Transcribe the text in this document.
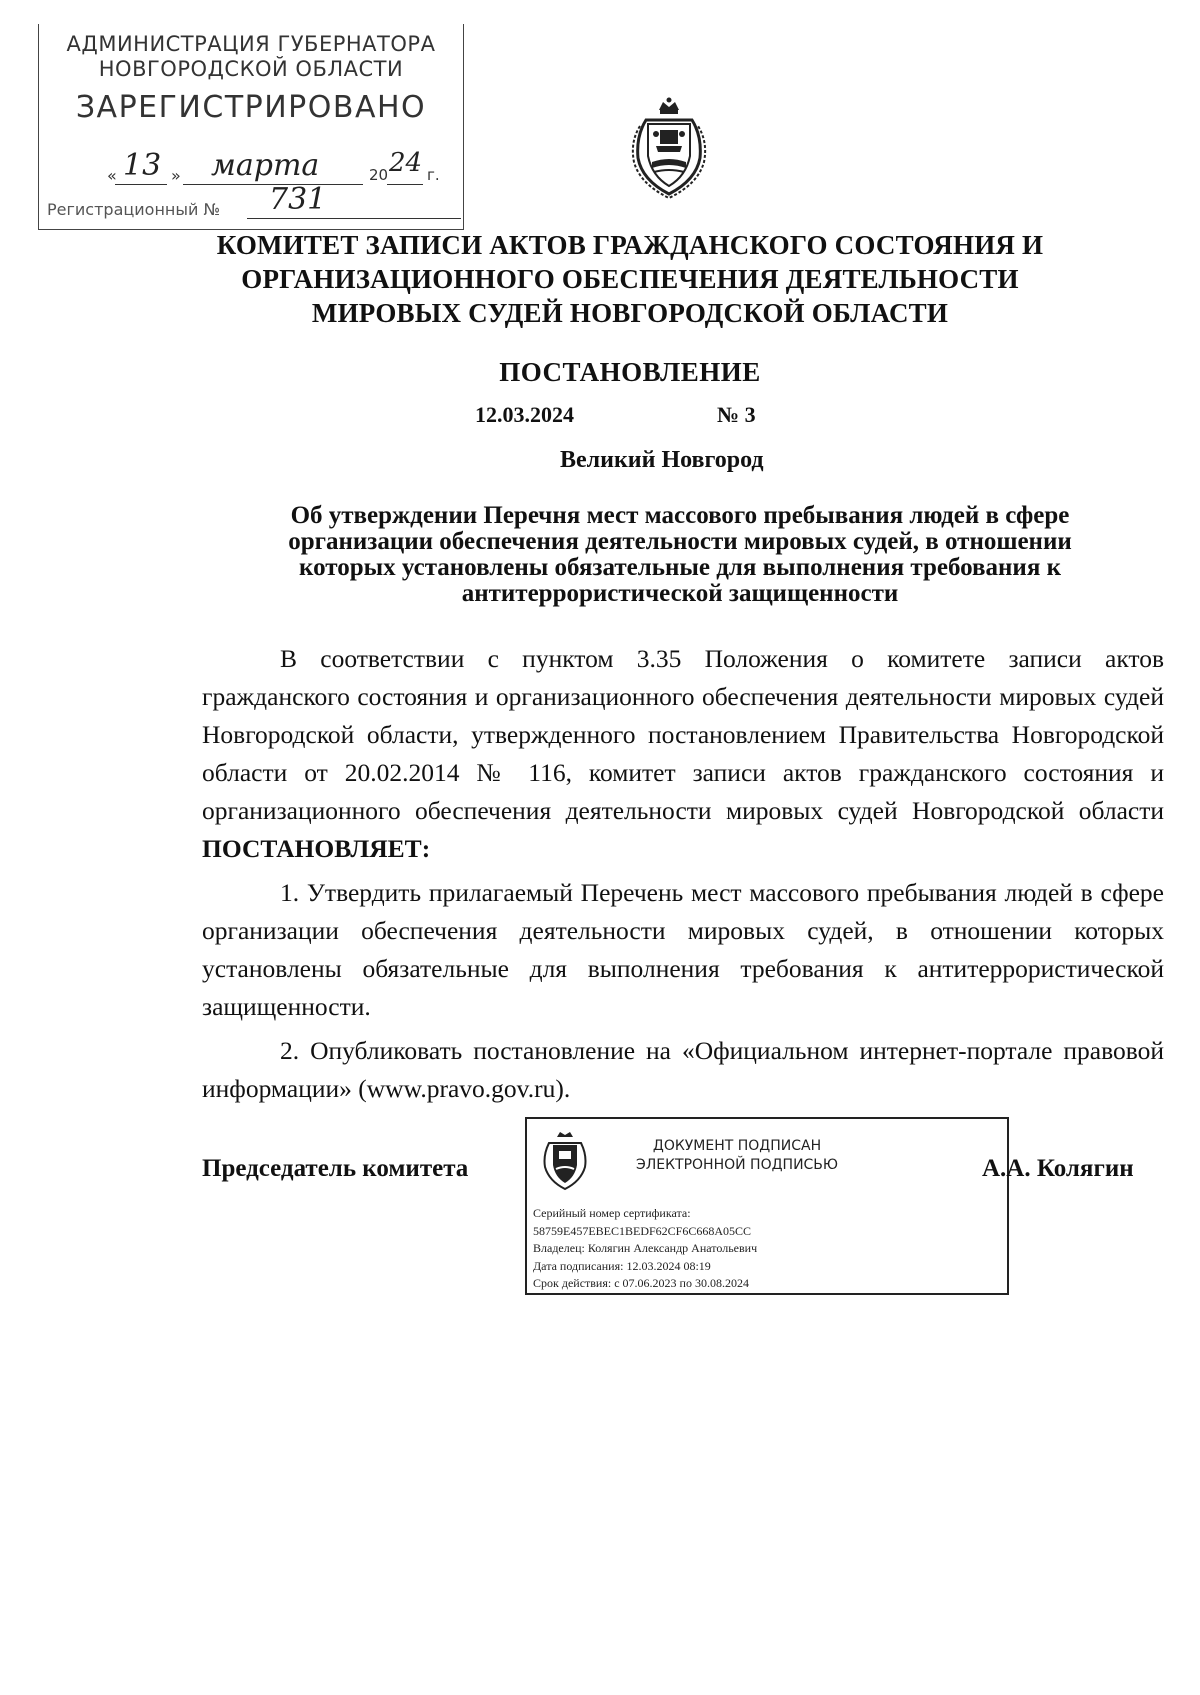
АДМИНИСТРАЦИЯ ГУБЕРНАТОРА
НОВГОРОДСКОЙ ОБЛАСТИ
ЗАРЕГИСТРИРОВАНО
« 13 » марта	20 24 г.
Регистрационный № 731
КОМИТЕТ ЗАПИСИ АКТОВ ГРАЖДАНСКОГО СОСТОЯНИЯ И
ОРГАНИЗАЦИОННОГО ОБЕСПЕЧЕНИЯ ДЕЯТЕЛЬНОСТИ
МИРОВЫХ СУДЕЙ НОВГОРОДСКОЙ ОБЛАСТИ
ПОСТАНОВЛЕНИЕ
12.03.2024	№ 3
Великий Новгород
Об утверждении Перечня мест массового пребывания людей в сфере
организации обеспечения деятельности мировых судей, в отношении
которых установлены обязательные для выполнения требования к
антитеррористической защищенности

В соответствии с пунктом 3.35 Положения о комитете записи актов гражданского состояния и организационного обеспечения деятельности мировых судей Новгородской области, утвержденного постановлением Правительства Новгородской области от 20.02.2014 № 116, комитет записи актов гражданского состояния и организационного обеспечения деятельности мировых судей Новгородской области ПОСТАНОВЛЯЕТ:

1. Утвердить прилагаемый Перечень мест массового пребывания людей в сфере организации обеспечения деятельности мировых судей, в отношении которых установлены обязательные для выполнения требования к антитеррористической защищенности.

2. Опубликовать постановление на «Официальном интернет-портале правовой информации» (www.pravo.gov.ru).

Председатель комитета
ДОКУМЕНТ ПОДПИСАН
ЭЛЕКТРОННОЙ ПОДПИСЬЮ
Серийный номер сертификата:
58759E457EBEC1BEDF62CF6C668A05CC
Владелец: Колягин Александр Анатольевич
Дата подписания: 12.03.2024 08:19
Срок действия: с 07.06.2023 по 30.08.2024
А.А. Колягин
